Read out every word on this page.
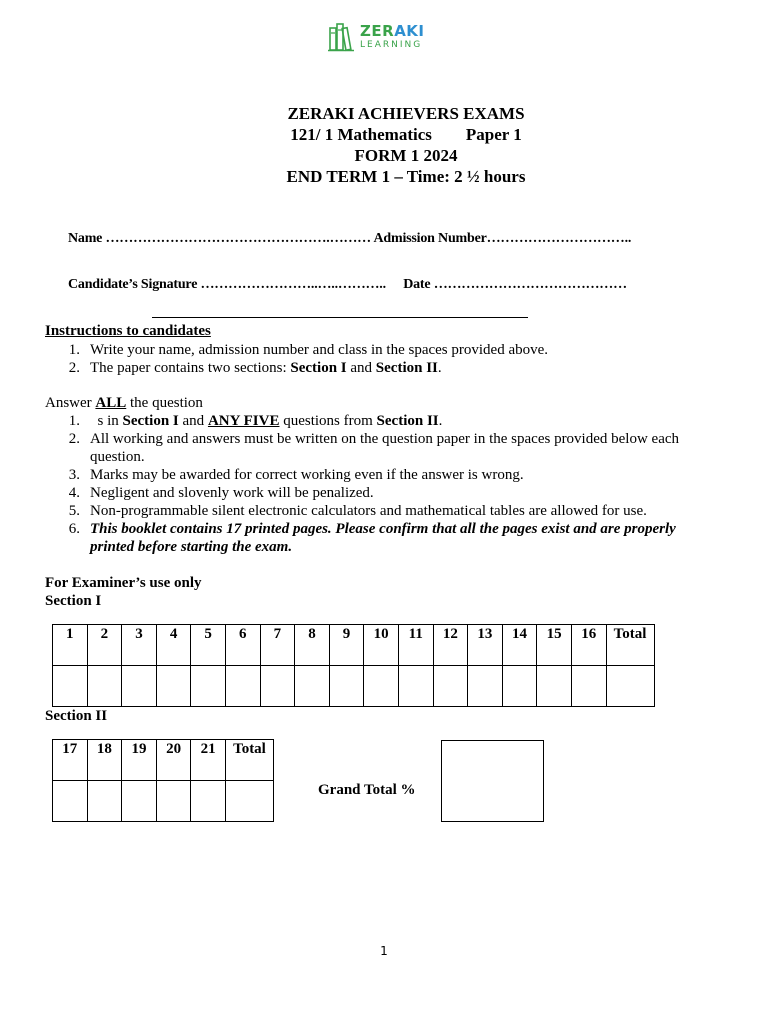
ZERAKI
LEARNING
ZERAKI ACHIEVERS EXAMS
121/ 1 Mathematics Paper 1
FORM 1 2024
END TERM 1 – Time: 2 ½ hours
Name ………………………………………….……… Admission Number…………………………..
Candidate’s Signature ……………………..…..……….. Date ……………………………………
Instructions to candidates
1. Write your name, admission number and class in the spaces provided above.
2. The paper contains two sections: Section I and Section II.
Answer ALL the question
1. s in Section I and ANY FIVE questions from Section II.
2. All working and answers must be written on the question paper in the spaces provided below each question.
3. Marks may be awarded for correct working even if the answer is wrong.
4. Negligent and slovenly work will be penalized.
5. Non-programmable silent electronic calculators and mathematical tables are allowed for use.
6. This booklet contains 17 printed pages. Please confirm that all the pages exist and are properly printed before starting the exam.
For Examiner’s use only
Section I
1	2	3	4	5	6	7	8	9	10	11	12	13	14	15	16	Total

Section II
17	18	19	20	21	Total

Grand Total %
1
